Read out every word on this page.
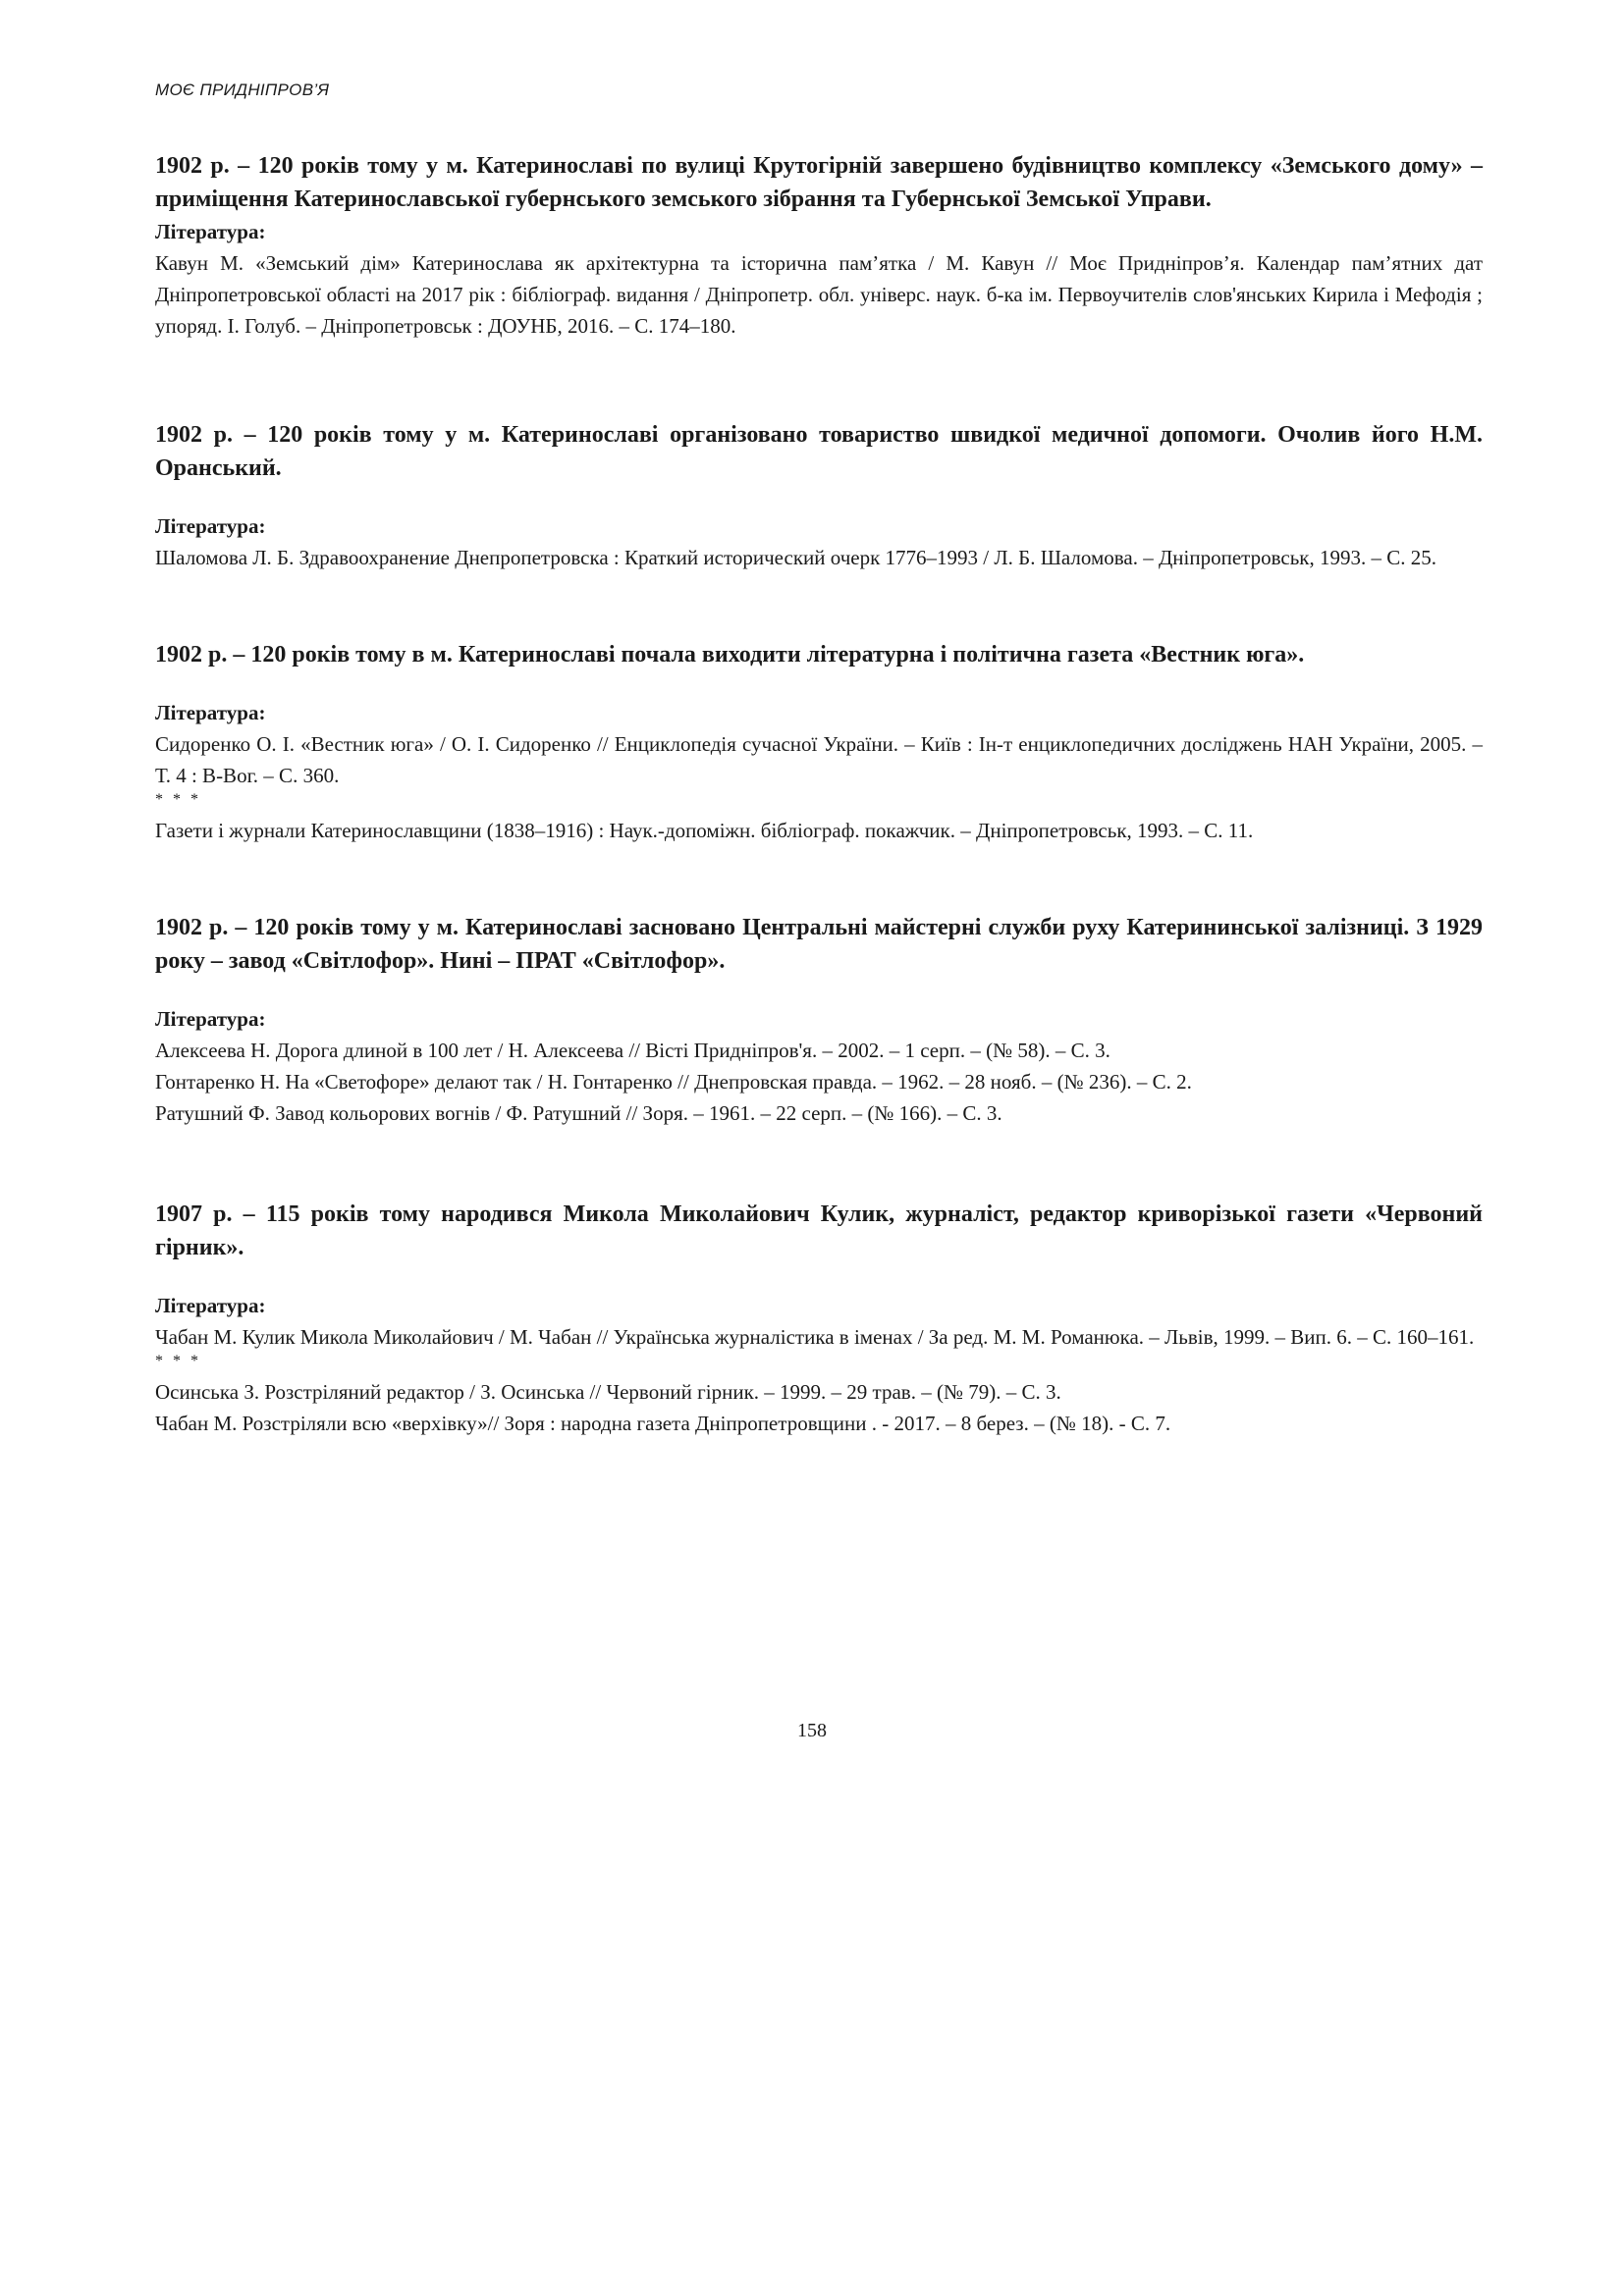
МОЄ ПРИДНІПРОВ’Я

1902 р. – 120 років тому у м. Катеринославі по вулиці Крутогірній завершено будівництво комплексу «Земського дому» – приміщення Катеринославської губернського земського зібрання та Губернської Земської Управи.

Література:

Кавун М. «Земський дім» Катеринослава як архітектурна та історична пам’ятка / М. Кавун // Моє Придніпров’я. Календар пам’ятних дат Дніпропетровської області на 2017 рік : бібліограф. видання / Дніпропетр. обл. універс. наук. б-ка ім. Первоучителів слов'янських Кирила і Мефодія ; упоряд. І. Голуб. – Дніпропетровськ : ДОУНБ, 2016. – С. 174–180.

1902 р. – 120 років тому у м. Катеринославі організовано товариство швидкої медичної допомоги. Очолив його Н.М. Оранський.

Література:

Шаломова Л. Б. Здравоохранение Днепропетровска : Краткий исторический очерк 1776–1993 / Л. Б. Шаломова. – Дніпропетровськ, 1993. – С. 25.

1902 р. – 120 років тому в м. Катеринославі почала виходити літературна і політична газета «Вестник юга».

Література:

Сидоренко О. І. «Вестник юга» / О. І. Сидоренко // Енциклопедія сучасної України. – Київ : Ін-т енциклопедичних досліджень НАН України, 2005. – Т. 4 : В-Вог. – С. 360.

* * *

Газети і журнали Катеринославщини (1838–1916) : Наук.-допоміжн. бібліограф. покажчик. – Дніпропетровськ, 1993. – С. 11.

1902 р. – 120 років тому у м. Катеринославі засновано Центральні майстерні служби руху Катерининської залізниці. З 1929 року – завод «Світлофор». Нині – ПРАТ «Світлофор».

Література:

Алексеева Н. Дорога длиной в 100 лет / Н. Алексеева // Вісті Придніпров'я. – 2002. – 1 серп. – (№ 58). – С. 3.

Гонтаренко Н. На «Светофоре» делают так / Н. Гонтаренко // Днепровская правда. – 1962. – 28 нояб. – (№ 236). – С. 2.

Ратушний Ф. Завод кольорових вогнів / Ф. Ратушний // Зоря. – 1961. – 22 серп. – (№ 166). – С. 3.

1907 р. – 115 років тому народився Микола Миколайович Кулик, журналіст, редактор криворізької газети «Червоний гірник».

Література:

Чабан М. Кулик Микола Миколайович / М. Чабан // Українська журналістика в іменах / За ред. М. М. Романюка. – Львів, 1999. – Вип. 6. – С. 160–161.

* * *

Осинська З. Розстріляний редактор / З. Осинська // Червоний гірник. – 1999. – 29 трав. – (№ 79). – С. 3.

Чабан М. Розстріляли всю «верхівку»// Зоря : народна газета Дніпропетровщини . - 2017. – 8 берез. – (№ 18). - С. 7.

158
